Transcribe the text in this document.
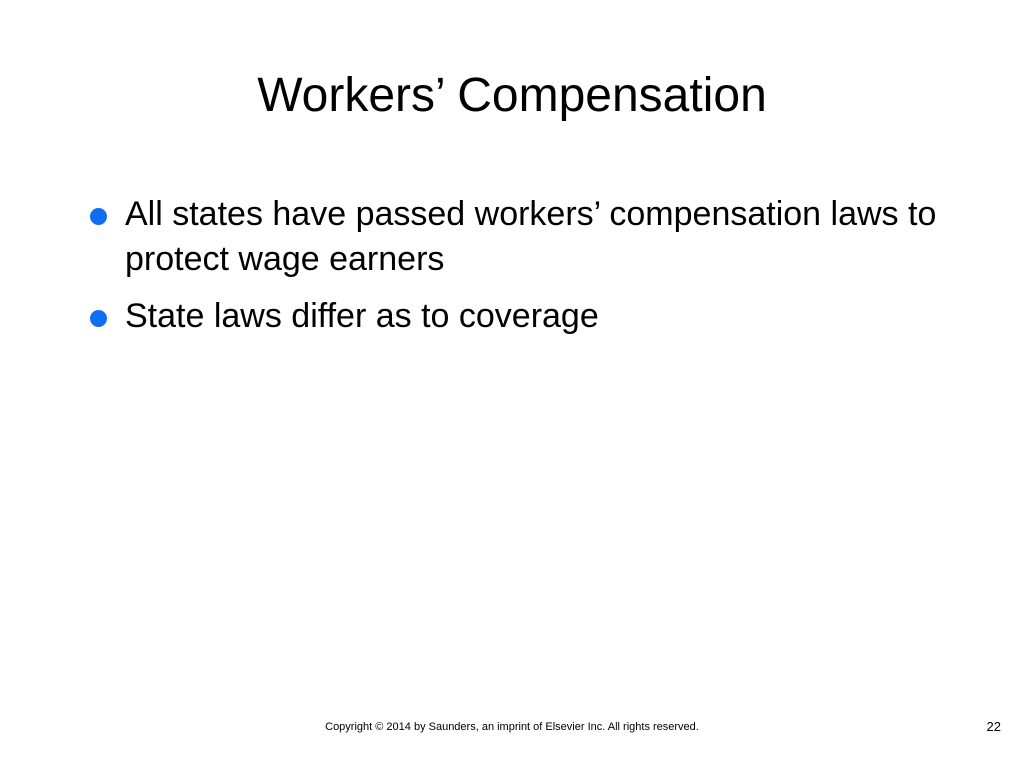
Workers’ Compensation
All states have passed workers’ compensation laws to protect wage earners
State laws differ as to coverage
Copyright © 2014 by Saunders, an imprint of Elsevier Inc. All rights reserved.	22
